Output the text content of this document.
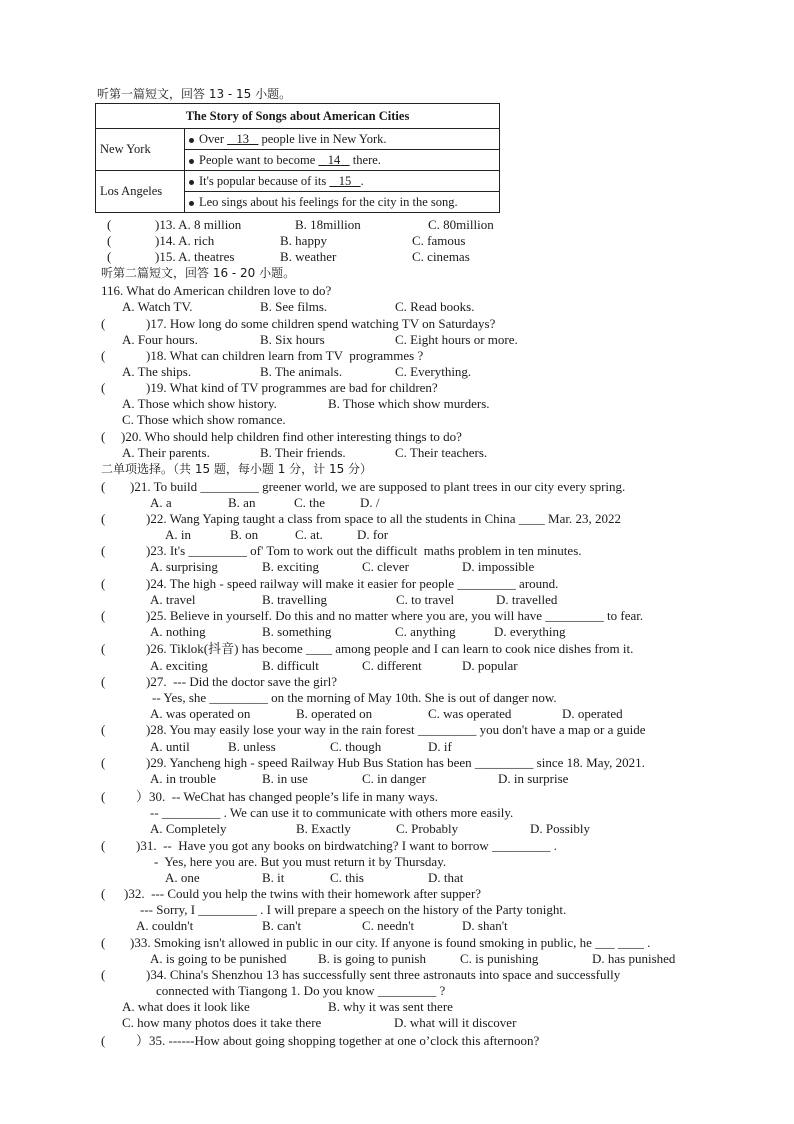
听第一篇短文，回答 13 - 15 小题。
The Story of Songs about American Cities	
New York	Over    13    people live in New York.
People want to become    14    there.

Los Angeles	It's popular because of its    15 .
Leo sings about his feelings for the city in the song.
(	)13. A. 8 million	B. 18million	C. 80million
(	)14. A. rich	B. happy	C. famous
(	)15. A. theatres	B. weather	C. cinemas
听第二篇短文，回答 16 - 20 小题。
116. What do American children love to do?
A. Watch TV.	B. See films.	C. Read books.
(	)17. How long do some children spend watching TV on Saturdays?
A. Four hours.	B. Six hours	C. Eight hours or more.
(	)18. What can children learn from TV  programmes ?
A. The ships.	B. The animals.	C. Everything.
(	)19. What kind of TV programmes are bad for children?
A. Those which show history.	B. Those which show murders.
C. Those which show romance.
( )20. Who should help children find other interesting things to do?
A. Their parents.	B. Their friends.	C. Their teachers.
二单项选择。（共 15 题，每小题 1 分，计 15 分）
( )21. To build _________ greener world, we are supposed to plant trees in our city every spring.
A. a	B. an	C. the	D. /
(	)22. Wang Yaping taught a class from space to all the students in China ____ Mar. 23, 2022
A. in	B. on	C. at.	D. for
(	)23. It's _________ of' Tom to work out the difficult  maths problem in ten minutes.
A. surprising	B. exciting	C. clever	D. impossible
(	)24. The high - speed railway will make it easier for people _________ around.
A. travel	B. travelling	C. to travel	D. travelled
(	)25. Believe in yourself. Do this and no matter where you are, you will have _________ to fear.
A. nothing	B. something	C. anything	D. everything
(	)26. Tiklok(抖音) has become ____ among people and I can learn to cook nice dishes from it.
A. exciting	B. difficult	C. different	D. popular
(	)27.  --- Did the doctor save the girl?
-- Yes, she _________ on the morning of May 10th. She is out of danger now.
A. was operated on	B. operated on	C. was operated	D. operated
(	)28. You may easily lose your way in the rain forest _________ you don't have a map or a guide
A. until	B. unless	C. though	D. if
(	)29. Yancheng high - speed Railway Hub Bus Station has been _________ since 18. May, 2021.
A. in trouble	B. in use	C. in danger	D. in surprise
( ）30.  -- WeChat has changed people’s life in many ways.
-- _________ . We can use it to communicate with others more easily.
A. Completely	B. Exactly	C. Probably	D. Possibly
( )31.  --  Have you got any books on birdwatching? I want to borrow _________ .
-  Yes, here you are. But you must return it by Thursday.
A. one	B. it	C. this	D. that
( )32.  --- Could you help the twins with their homework after supper?
--- Sorry, I _________ . I will prepare a speech on the history of the Party tonight.
A. couldn't	B. can't	C. needn't	D. shan't
( )33. Smoking isn't allowed in public in our city. If anyone is found smoking in public, he ___ ____ .
A. is going to be punished B. is going to punish	C. is punishing	D. has punished
(	)34. China's Shenzhou 13 has successfully sent three astronauts into space and successfully
connected with Tiangong 1. Do you know _________ ?
A. what does it look like	B. why it was sent there
C. how many photos does it take there	D. what will it discover
( ）35. ------How about going shopping together at one o’clock this afternoon?
